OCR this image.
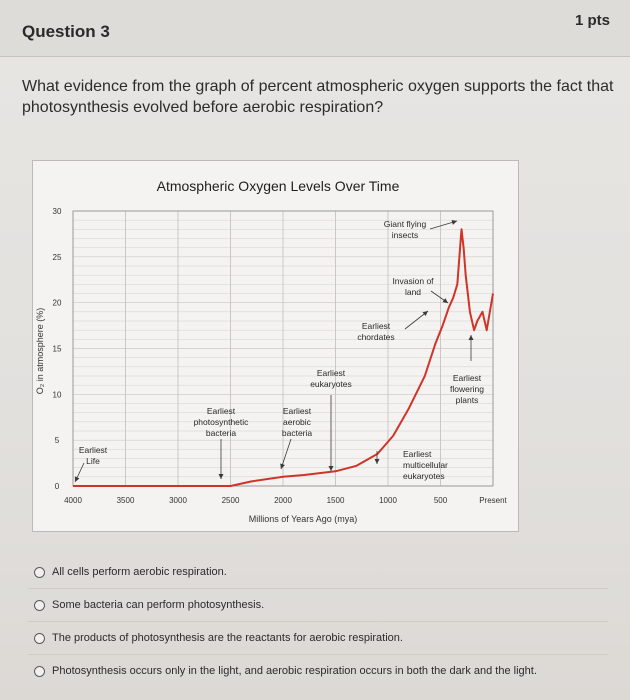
Question 3
1 pts
What evidence from the graph of percent atmospheric oxygen supports the fact that photosynthesis evolved before aerobic respiration?
Atmospheric Oxygen Levels Over Time
O₂ in atmosphere (%)
Millions of Years Ago (mya)
4000	3500	3000	2500	2000	1500	1000	500	Present
0
5
10
15
20
25
30
Earliest
Life
Earliest
photosynthetic
bacteria
Earliest
eukaryotes
Earliest
aerobic
bacteria
Earliest
chordates
Invasion of
land
Giant flying
insects
Earliest
flowering
plants
Earliest
multicellular
eukaryotes
All cells perform aerobic respiration.
Some bacteria can perform photosynthesis.
The products of photosynthesis are the reactants for aerobic respiration.
Photosynthesis occurs only in the light, and aerobic respiration occurs in both the dark and the light.
